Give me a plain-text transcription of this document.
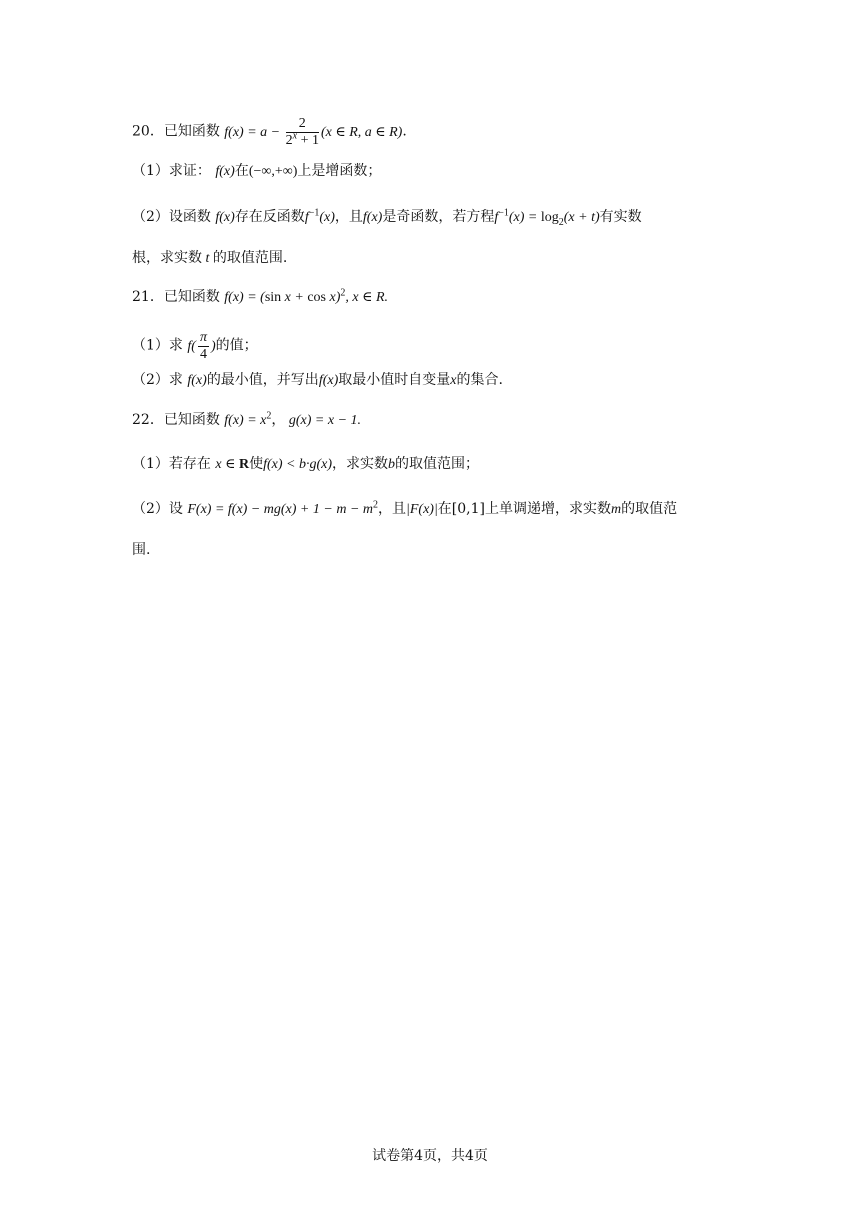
20．已知函数 $f(x) = a - \frac{2}{2^x + 1} (x$ ∈ R, a ∈ R).
（1）求证： f(x)在(−∞,+∞)上是增函数；
（2）设函数 f(x)存在反函数$f^{-1}(x)$，且f(x)是奇函数，若方程$f^{-1}(x) = \log_2(x + t)$有实数
根，求实数 t 的取值范围.
21．已知函数 f(x) = (sin x + cos x)$^2$, x ∈ R.
（1）求 $f( \frac{\pi}{4}$ )的值；
（2）求 f(x)的最小值，并写出f(x)取最小值时自变量x的集合.
22．已知函数 $f(x) = x^2$， g(x) = x − 1.
（1）若存在 x ∈ R使f(x) < b·g(x)，求实数b的取值范围；
（2）设 $F(x) = f(x) - mg(x) + 1 - m - m^2$，且|F(x)|在[0,1]上单调递增，求实数m的取值范
围.
试卷第4页，共4页
